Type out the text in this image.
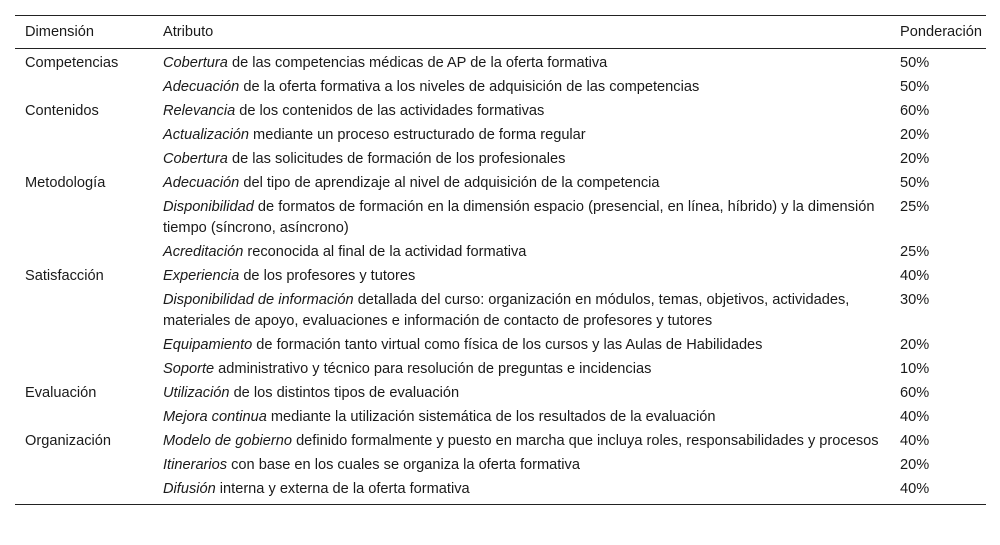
Dimensión	Atributo	Ponderación
Competencias	Cobertura de las competencias médicas de AP de la oferta formativa	50%
	Adecuación de la oferta formativa a los niveles de adquisición de las competencias	50%
Contenidos	Relevancia de los contenidos de las actividades formativas	60%
	Actualización mediante un proceso estructurado de forma regular	20%
	Cobertura de las solicitudes de formación de los profesionales	20%
Metodología	Adecuación del tipo de aprendizaje al nivel de adquisición de la competencia	50%
	Disponibilidad de formatos de formación en la dimensión espacio (presencial, en línea, híbrido) y la dimensión tiempo (síncrono, asíncrono)	25%
	Acreditación reconocida al final de la actividad formativa	25%
Satisfacción	Experiencia de los profesores y tutores	40%
	Disponibilidad de información detallada del curso: organización en módulos, temas, objetivos, actividades, materiales de apoyo, evaluaciones e información de contacto de profesores y tutores	30%
	Equipamiento de formación tanto virtual como física de los cursos y las Aulas de Habilidades	20%
	Soporte administrativo y técnico para resolución de preguntas e incidencias	10%
Evaluación	Utilización de los distintos tipos de evaluación	60%
	Mejora continua mediante la utilización sistemática de los resultados de la evaluación	40%
Organización	Modelo de gobierno definido formalmente y puesto en marcha que incluya roles, responsabilidades y procesos	40%
	Itinerarios con base en los cuales se organiza la oferta formativa	20%
	Difusión interna y externa de la oferta formativa	40%
